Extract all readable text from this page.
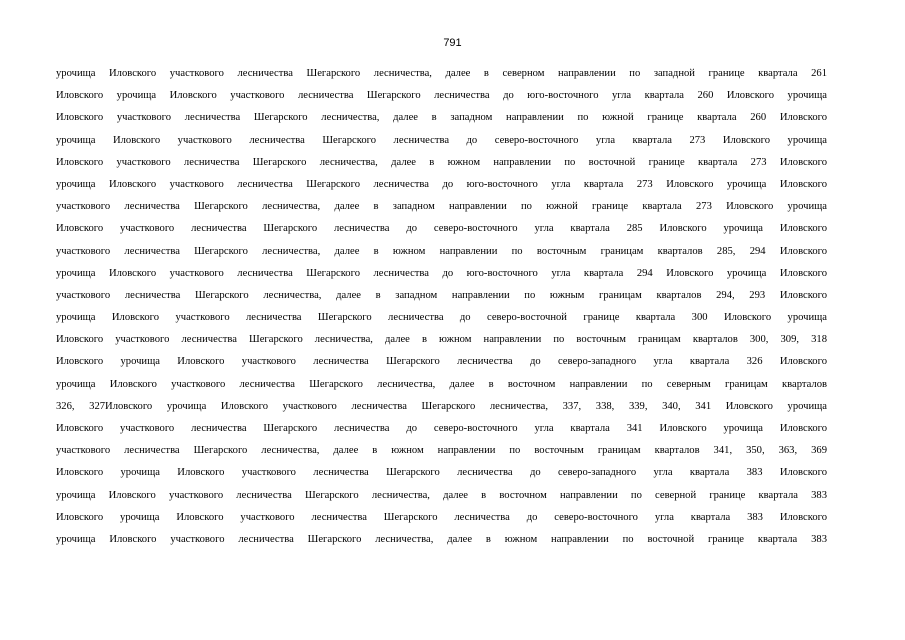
791
урочища Иловского участкового лесничества Шегарского лесничества, далее в северном направлении по западной границе квартала 261
Иловского урочища Иловского участкового лесничества Шегарского лесничества до юго-восточного угла квартала 260 Иловского урочища
Иловского участкового лесничества Шегарского лесничества, далее в западном направлении по южной границе квартала 260 Иловского
урочища Иловского участкового лесничества Шегарского лесничества до северо-восточного угла квартала 273 Иловского урочища
Иловского участкового лесничества Шегарского лесничества, далее в южном направлении по восточной границе квартала 273 Иловского
урочища Иловского участкового лесничества Шегарского лесничества до юго-восточного угла квартала 273 Иловского урочища Иловского
участкового лесничества Шегарского лесничества, далее в западном направлении по южной границе квартала 273 Иловского урочища
Иловского участкового лесничества Шегарского лесничества до северо-восточного угла квартала 285 Иловского урочища Иловского
участкового лесничества Шегарского лесничества, далее в южном направлении по восточным границам кварталов 285, 294 Иловского
урочища Иловского участкового лесничества Шегарского лесничества до юго-восточного угла квартала 294 Иловского урочища Иловского
участкового лесничества Шегарского лесничества, далее в западном направлении по южным границам кварталов 294, 293 Иловского
урочища Иловского участкового лесничества Шегарского лесничества до северо-восточной границе квартала 300 Иловского урочища
Иловского участкового лесничества Шегарского лесничества, далее в южном направлении по восточным границам кварталов 300, 309, 318
Иловского урочища Иловского участкового лесничества Шегарского лесничества до северо-западного угла квартала 326 Иловского
урочища Иловского участкового лесничества Шегарского лесничества, далее в восточном направлении по северным границам кварталов
326, 327Иловского урочища Иловского участкового лесничества Шегарского лесничества, 337, 338, 339, 340, 341 Иловского урочища
Иловского участкового лесничества Шегарского лесничества до северо-восточного угла квартала 341 Иловского урочища Иловского
участкового лесничества Шегарского лесничества, далее в южном направлении по восточным границам кварталов 341, 350, 363, 369
Иловского урочища Иловского участкового лесничества Шегарского лесничества до северо-западного угла квартала 383 Иловского
урочища Иловского участкового лесничества Шегарского лесничества, далее в восточном направлении по северной границе квартала 383
Иловского урочища Иловского участкового лесничества Шегарского лесничества до северо-восточного угла квартала 383 Иловского
урочища Иловского участкового лесничества Шегарского лесничества, далее в южном направлении по восточной границе квартала 383
